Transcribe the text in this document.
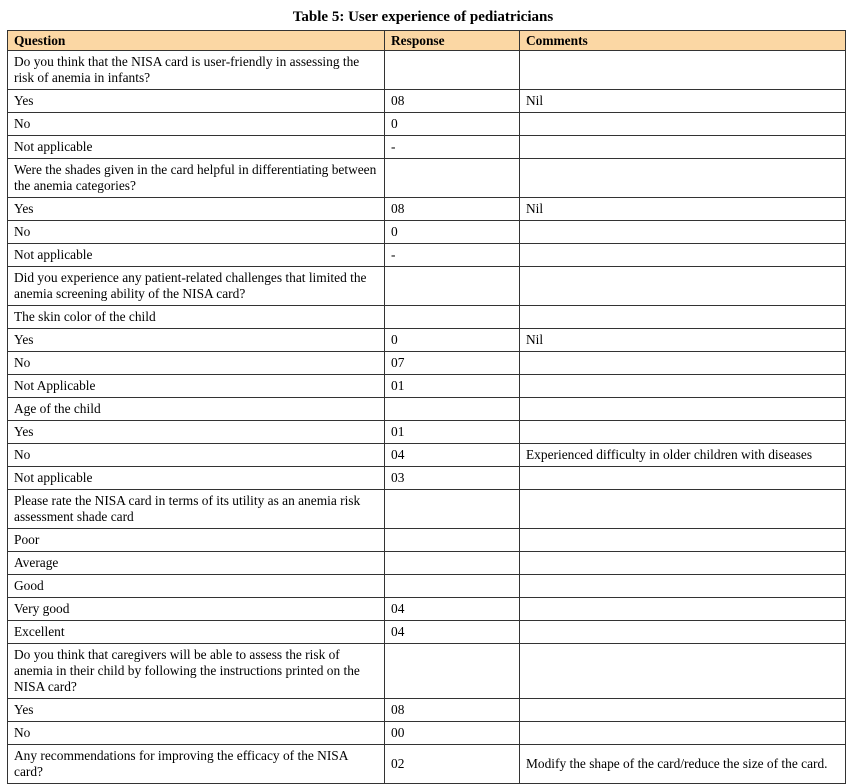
Table 5: User experience of pediatricians
Question	Response	Comments
Do you think that the NISA card is user-friendly in assessing the risk of anemia in infants?		
Yes	08	Nil
No	0	
Not applicable	-	
Were the shades given in the card helpful in differentiating between the anemia categories?		
Yes	08	Nil
No	0	
Not applicable	-	
Did you experience any patient-related challenges that limited the anemia screening ability of the NISA card?		
The skin color of the child		
Yes	0	Nil
No	07	
Not Applicable	01	
Age of the child		
Yes	01	
No	04	Experienced difficulty in older children with diseases
Not applicable	03	
Please rate the NISA card in terms of its utility as an anemia risk assessment shade card		
Poor		
Average		
Good		
Very good	04	
Excellent	04	
Do you think that caregivers will be able to assess the risk of anemia in their child by following the instructions printed on the NISA card?		
Yes	08	
No	00	
Any recommendations for improving the efficacy of the NISA card?	02	Modify the shape of the card/reduce the size of the card.
